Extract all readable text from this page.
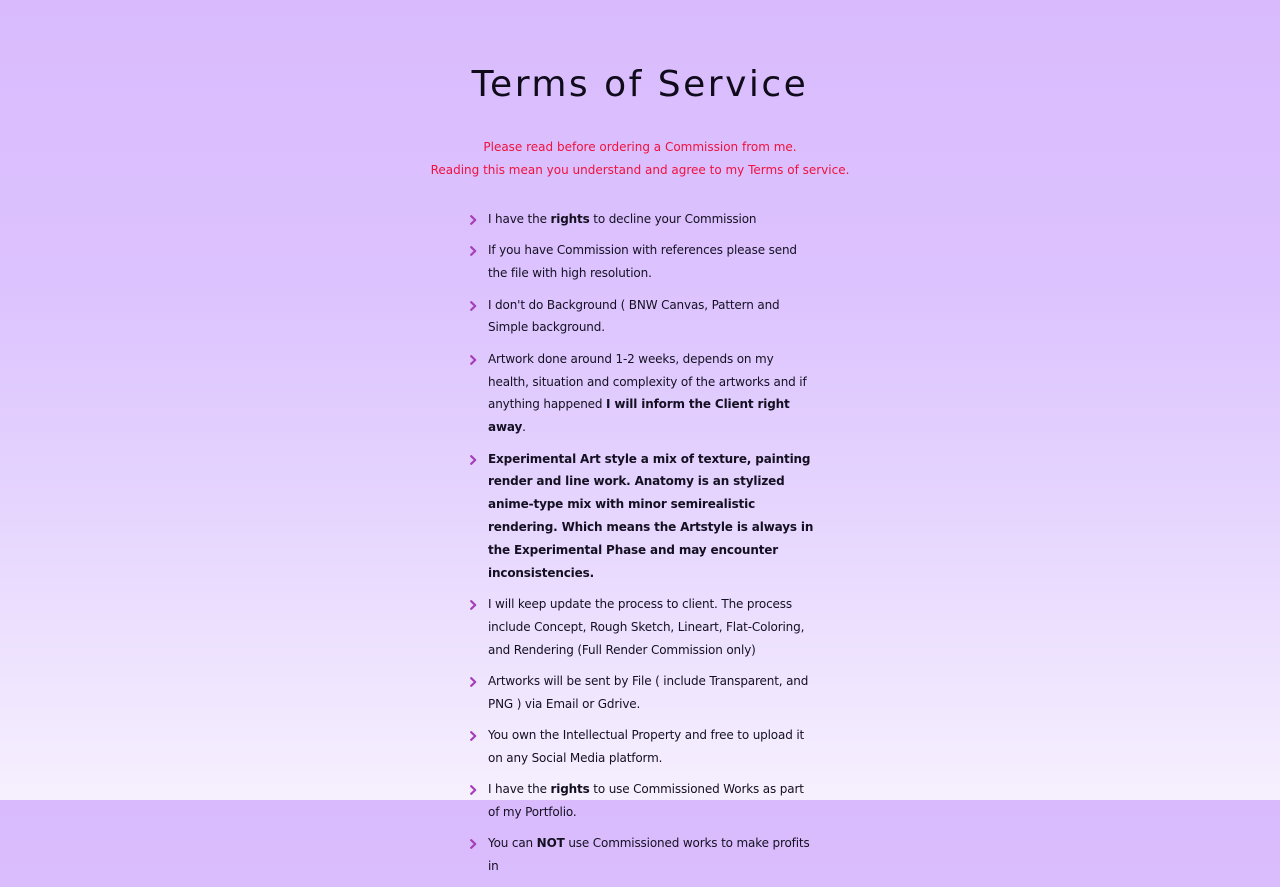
Terms of Service
Please read before ordering a Commission from me.
Reading this mean you understand and agree to my Terms of service.
I have the rights to decline your Commission
If you have Commission with references please send the file with high resolution.
I don't do Background ( BNW Canvas, Pattern and Simple background.
Artwork done around 1-2 weeks, depends on my health, situation and complexity of the artworks and if anything happened I will inform the Client right away.
Experimental Art style a mix of texture, painting render and line work. Anatomy is an stylized anime-type mix with minor semirealistic rendering. Which means the Artstyle is always in the Experimental Phase and may encounter inconsistencies.
I will keep update the process to client. The process include Concept, Rough Sketch, Lineart, Flat-Coloring, and Rendering (Full Render Commission only)
Artworks will be sent by File ( include Transparent, and PNG ) via Email or Gdrive.
You own the Intellectual Property and free to upload it on any Social Media platform.
I have the rights to use Commissioned Works as part of my Portfolio.
You can NOT use Commissioned works to make profits in
